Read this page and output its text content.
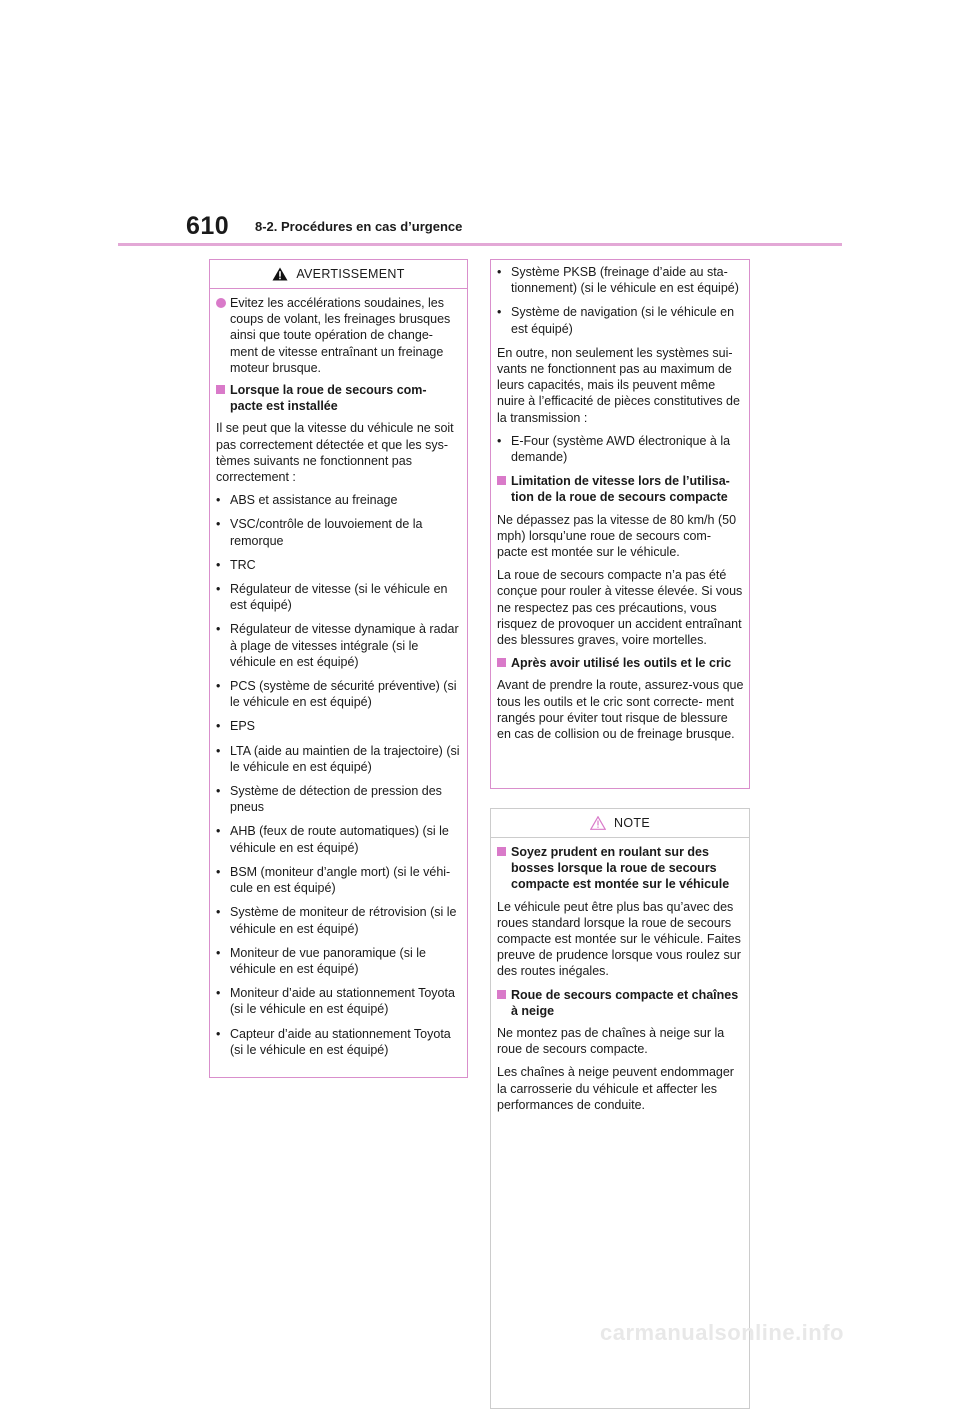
610 8-2. Procédures en cas d’urgence
AVERTISSEMENT
Evitez les accélérations soudaines, les coups de volant, les freinages brusques ainsi que toute opération de change- ment de vitesse entraînant un freinage moteur brusque.
Lorsque la roue de secours com- pacte est installée
Il se peut que la vitesse du véhicule ne soit pas correctement détectée et que les sys- tèmes suivants ne fonctionnent pas correctement :
• ABS et assistance au freinage
• VSC/contrôle de louvoiement de la remorque
• TRC
• Régulateur de vitesse (si le véhicule en est équipé)
• Régulateur de vitesse dynamique à radar à plage de vitesses intégrale (si le véhicule en est équipé)
• PCS (système de sécurité préventive) (si le véhicule en est équipé)
• EPS
• LTA (aide au maintien de la trajectoire) (si le véhicule en est équipé)
• Système de détection de pression des pneus
• AHB (feux de route automatiques) (si le véhicule en est équipé)
• BSM (moniteur d’angle mort) (si le véhi- cule en est équipé)
• Système de moniteur de rétrovision (si le véhicule en est équipé)
• Moniteur de vue panoramique (si le véhicule en est équipé)
• Moniteur d’aide au stationnement Toyota (si le véhicule en est équipé)
• Capteur d’aide au stationnement Toyota (si le véhicule en est équipé)
• Système PKSB (freinage d’aide au sta- tionnement) (si le véhicule en est équipé)
• Système de navigation (si le véhicule en est équipé)
En outre, non seulement les systèmes sui- vants ne fonctionnent pas au maximum de leurs capacités, mais ils peuvent même nuire à l’efficacité de pièces constitutives de la transmission :
• E-Four (système AWD électronique à la demande)
Limitation de vitesse lors de l’utilisa- tion de la roue de secours compacte
Ne dépassez pas la vitesse de 80 km/h (50 mph) lorsqu’une roue de secours com- pacte est montée sur le véhicule.
La roue de secours compacte n’a pas été conçue pour rouler à vitesse élevée. Si vous ne respectez pas ces précautions, vous risquez de provoquer un accident entraînant des blessures graves, voire mortelles.
Après avoir utilisé les outils et le cric
Avant de prendre la route, assurez-vous que tous les outils et le cric sont correcte- ment rangés pour éviter tout risque de blessure en cas de collision ou de freinage brusque.
NOTE
Soyez prudent en roulant sur des bosses lorsque la roue de secours compacte est montée sur le véhicule
Le véhicule peut être plus bas qu’avec des roues standard lorsque la roue de secours compacte est montée sur le véhicule. Faites preuve de prudence lorsque vous roulez sur des routes inégales.
Roue de secours compacte et chaînes à neige
Ne montez pas de chaînes à neige sur la roue de secours compacte.
Les chaînes à neige peuvent endommager la carrosserie du véhicule et affecter les performances de conduite.
carmanualsonline.info
